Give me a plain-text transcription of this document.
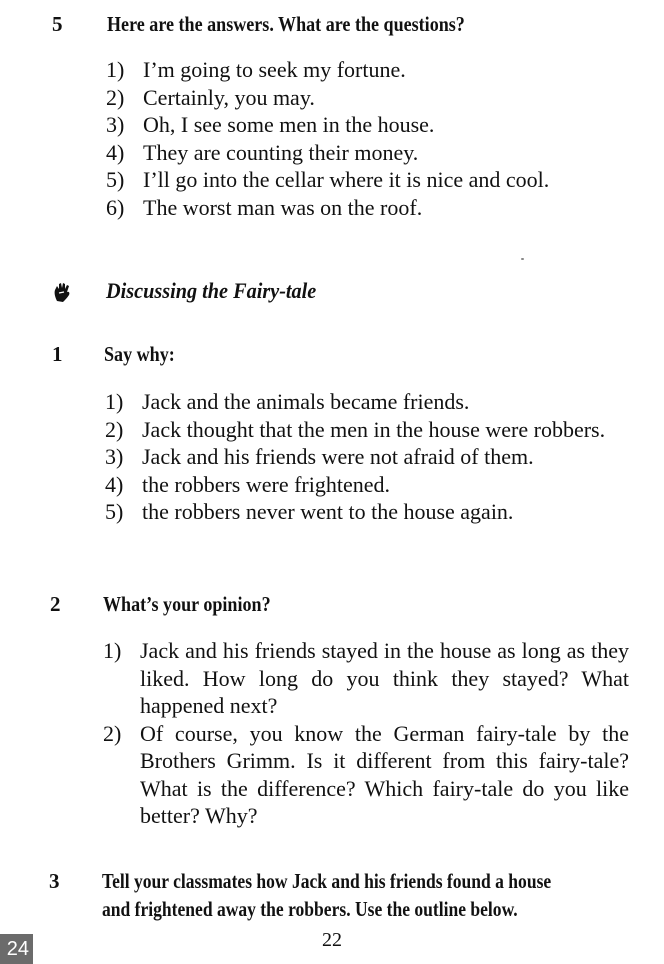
5 Here are the answers. What are the questions?
1) I’m going to seek my fortune.
2) Certainly, you may.
3) Oh, I see some men in the house.
4) They are counting their money.
5) I’ll go into the cellar where it is nice and cool.
6) The worst man was on the roof.
Discussing the Fairy-tale
1 Say why:
1) Jack and the animals became friends.
2) Jack thought that the men in the house were robbers.
3) Jack and his friends were not afraid of them.
4) the robbers were frightened.
5) the robbers never went to the house again.
2 What’s your opinion?
1) Jack and his friends stayed in the house as long as they liked. How long do you think they stayed? What happened next?
2) Of course, you know the German fairy-tale by the Brothers Grimm. Is it different from this fairy-tale? What is the difference? Which fairy-tale do you like better? Why?
3 Tell your classmates how Jack and his friends found a house
and frightened away the robbers. Use the outline below.
22
24
